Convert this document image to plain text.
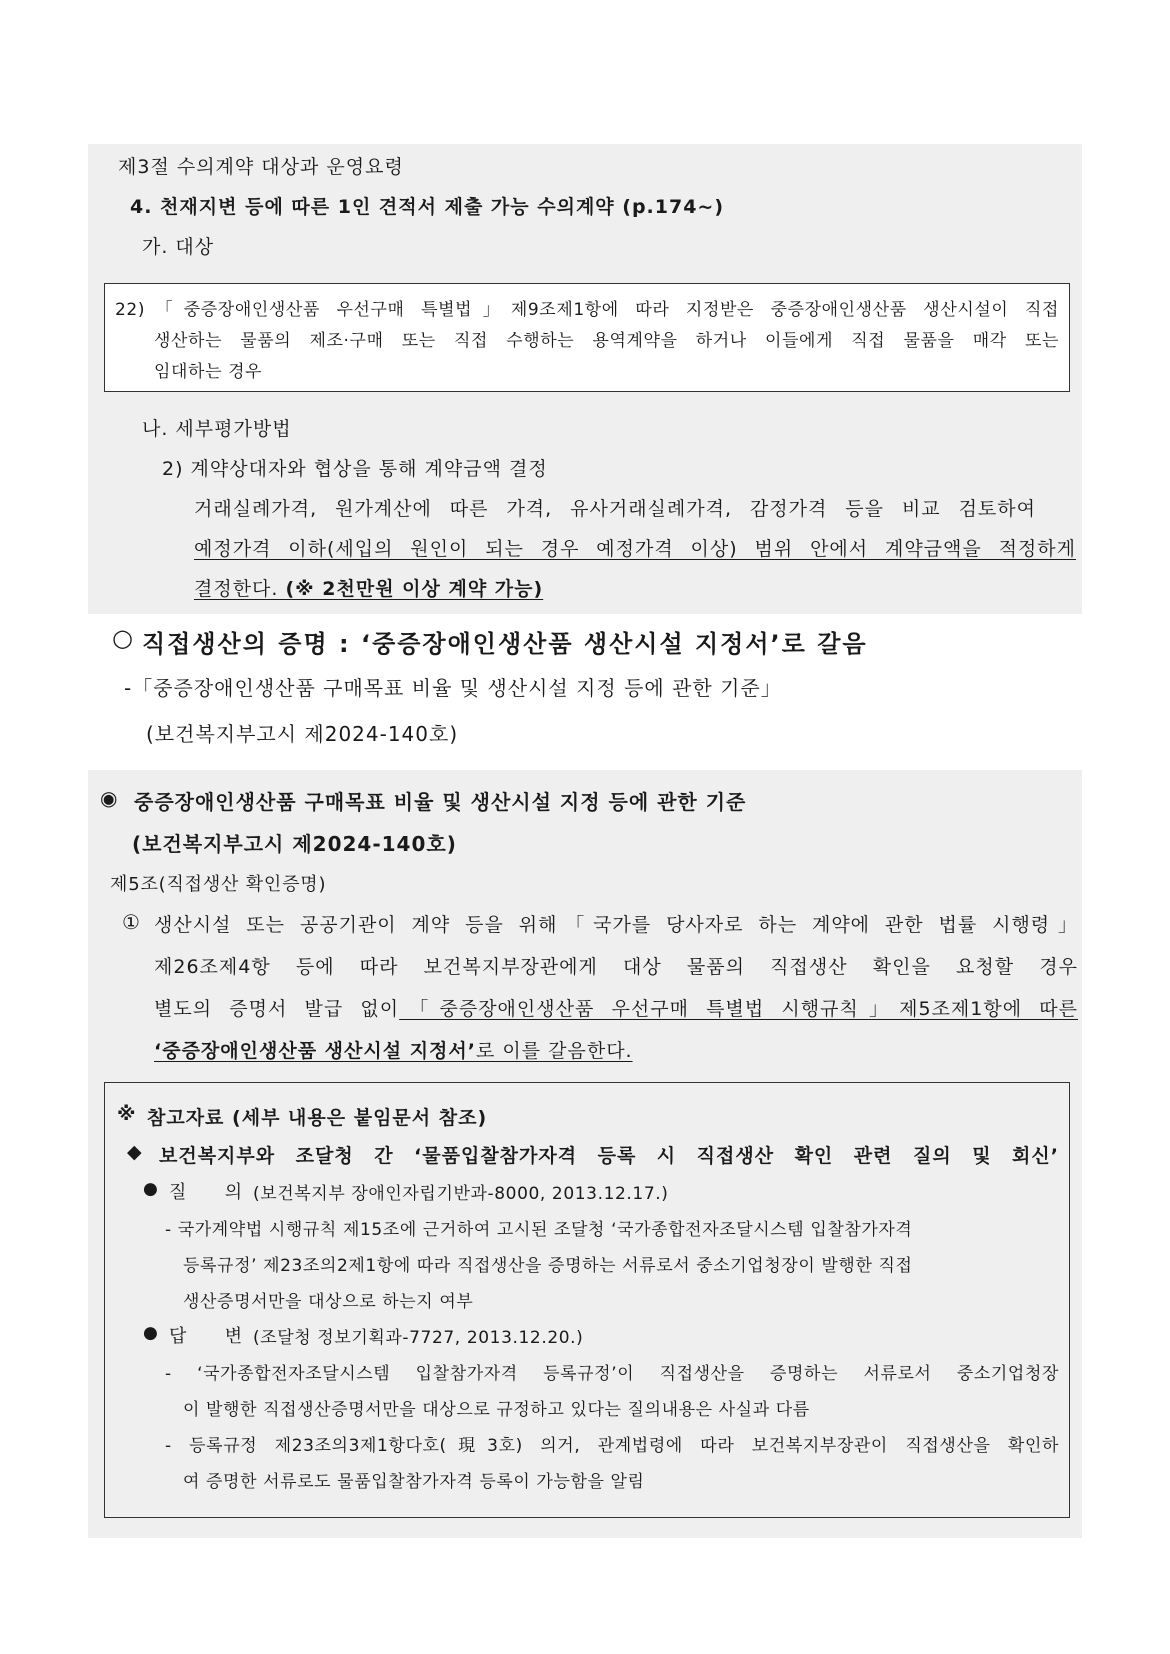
제3절 수의계약 대상과 운영요령
4. 천재지변 등에 따른 1인 견적서 제출 가능 수의계약 (p.174~)
가. 대상
22)「중증장애인생산품 우선구매 특별법」제9조제1항에 따라 지정받은 중증장애인생산품 생산시설이 직접
생산하는 물품의 제조·구매 또는 직접 수행하는 용역계약을 하거나 이들에게 직접 물품을 매각 또는
임대하는 경우
나. 세부평가방법
2) 계약상대자와 협상을 통해 계약금액 결정
거래실례가격, 원가계산에 따른 가격, 유사거래실례가격, 감정가격 등을 비교 검토하여
예정가격 이하(세입의 원인이 되는 경우 예정가격 이상) 범위 안에서 계약금액을 적정하게
결정한다. (※ 2천만원 이상 계약 가능)
○ 직접생산의 증명 : ‘중증장애인생산품 생산시설 지정서’로 갈음
-「중증장애인생산품 구매목표 비율 및 생산시설 지정 등에 관한 기준」
(보건복지부고시 제2024-140호)
◉ 중증장애인생산품 구매목표 비율 및 생산시설 지정 등에 관한 기준
(보건복지부고시 제2024-140호)
제5조(직접생산 확인증명)
① 생산시설 또는 공공기관이 계약 등을 위해「국가를 당사자로 하는 계약에 관한 법률 시행령」
제26조제4항 등에 따라 보건복지부장관에게 대상 물품의 직접생산 확인을 요청할 경우
별도의 증명서 발급 없이「중증장애인생산품 우선구매 특별법 시행규칙」제5조제1항에 따른
‘중증장애인생산품 생산시설 지정서’로 이를 갈음한다.
※ 참고자료 (세부 내용은 붙임문서 참조)
◆ 보건복지부와 조달청 간 ‘물품입찰참가자격 등록 시 직접생산 확인 관련 질의 및 회신’
● 질　　의 (보건복지부 장애인자립기반과-8000, 2013.12.17.)
- 국가계약법 시행규칙 제15조에 근거하여 고시된 조달청 ‘국가종합전자조달시스템 입찰참가자격
등록규정’ 제23조의2제1항에 따라 직접생산을 증명하는 서류로서 중소기업청장이 발행한 직접
생산증명서만을 대상으로 하는지 여부
● 답　　변 (조달청 정보기획과-7727, 2013.12.20.)
- ‘국가종합전자조달시스템 입찰참가자격 등록규정’이 직접생산을 증명하는 서류로서 중소기업청장
이 발행한 직접생산증명서만을 대상으로 규정하고 있다는 질의내용은 사실과 다름
- 등록규정 제23조의3제1항다호(現3호) 의거, 관계법령에 따라 보건복지부장관이 직접생산을 확인하
여 증명한 서류로도 물품입찰참가자격 등록이 가능함을 알림
